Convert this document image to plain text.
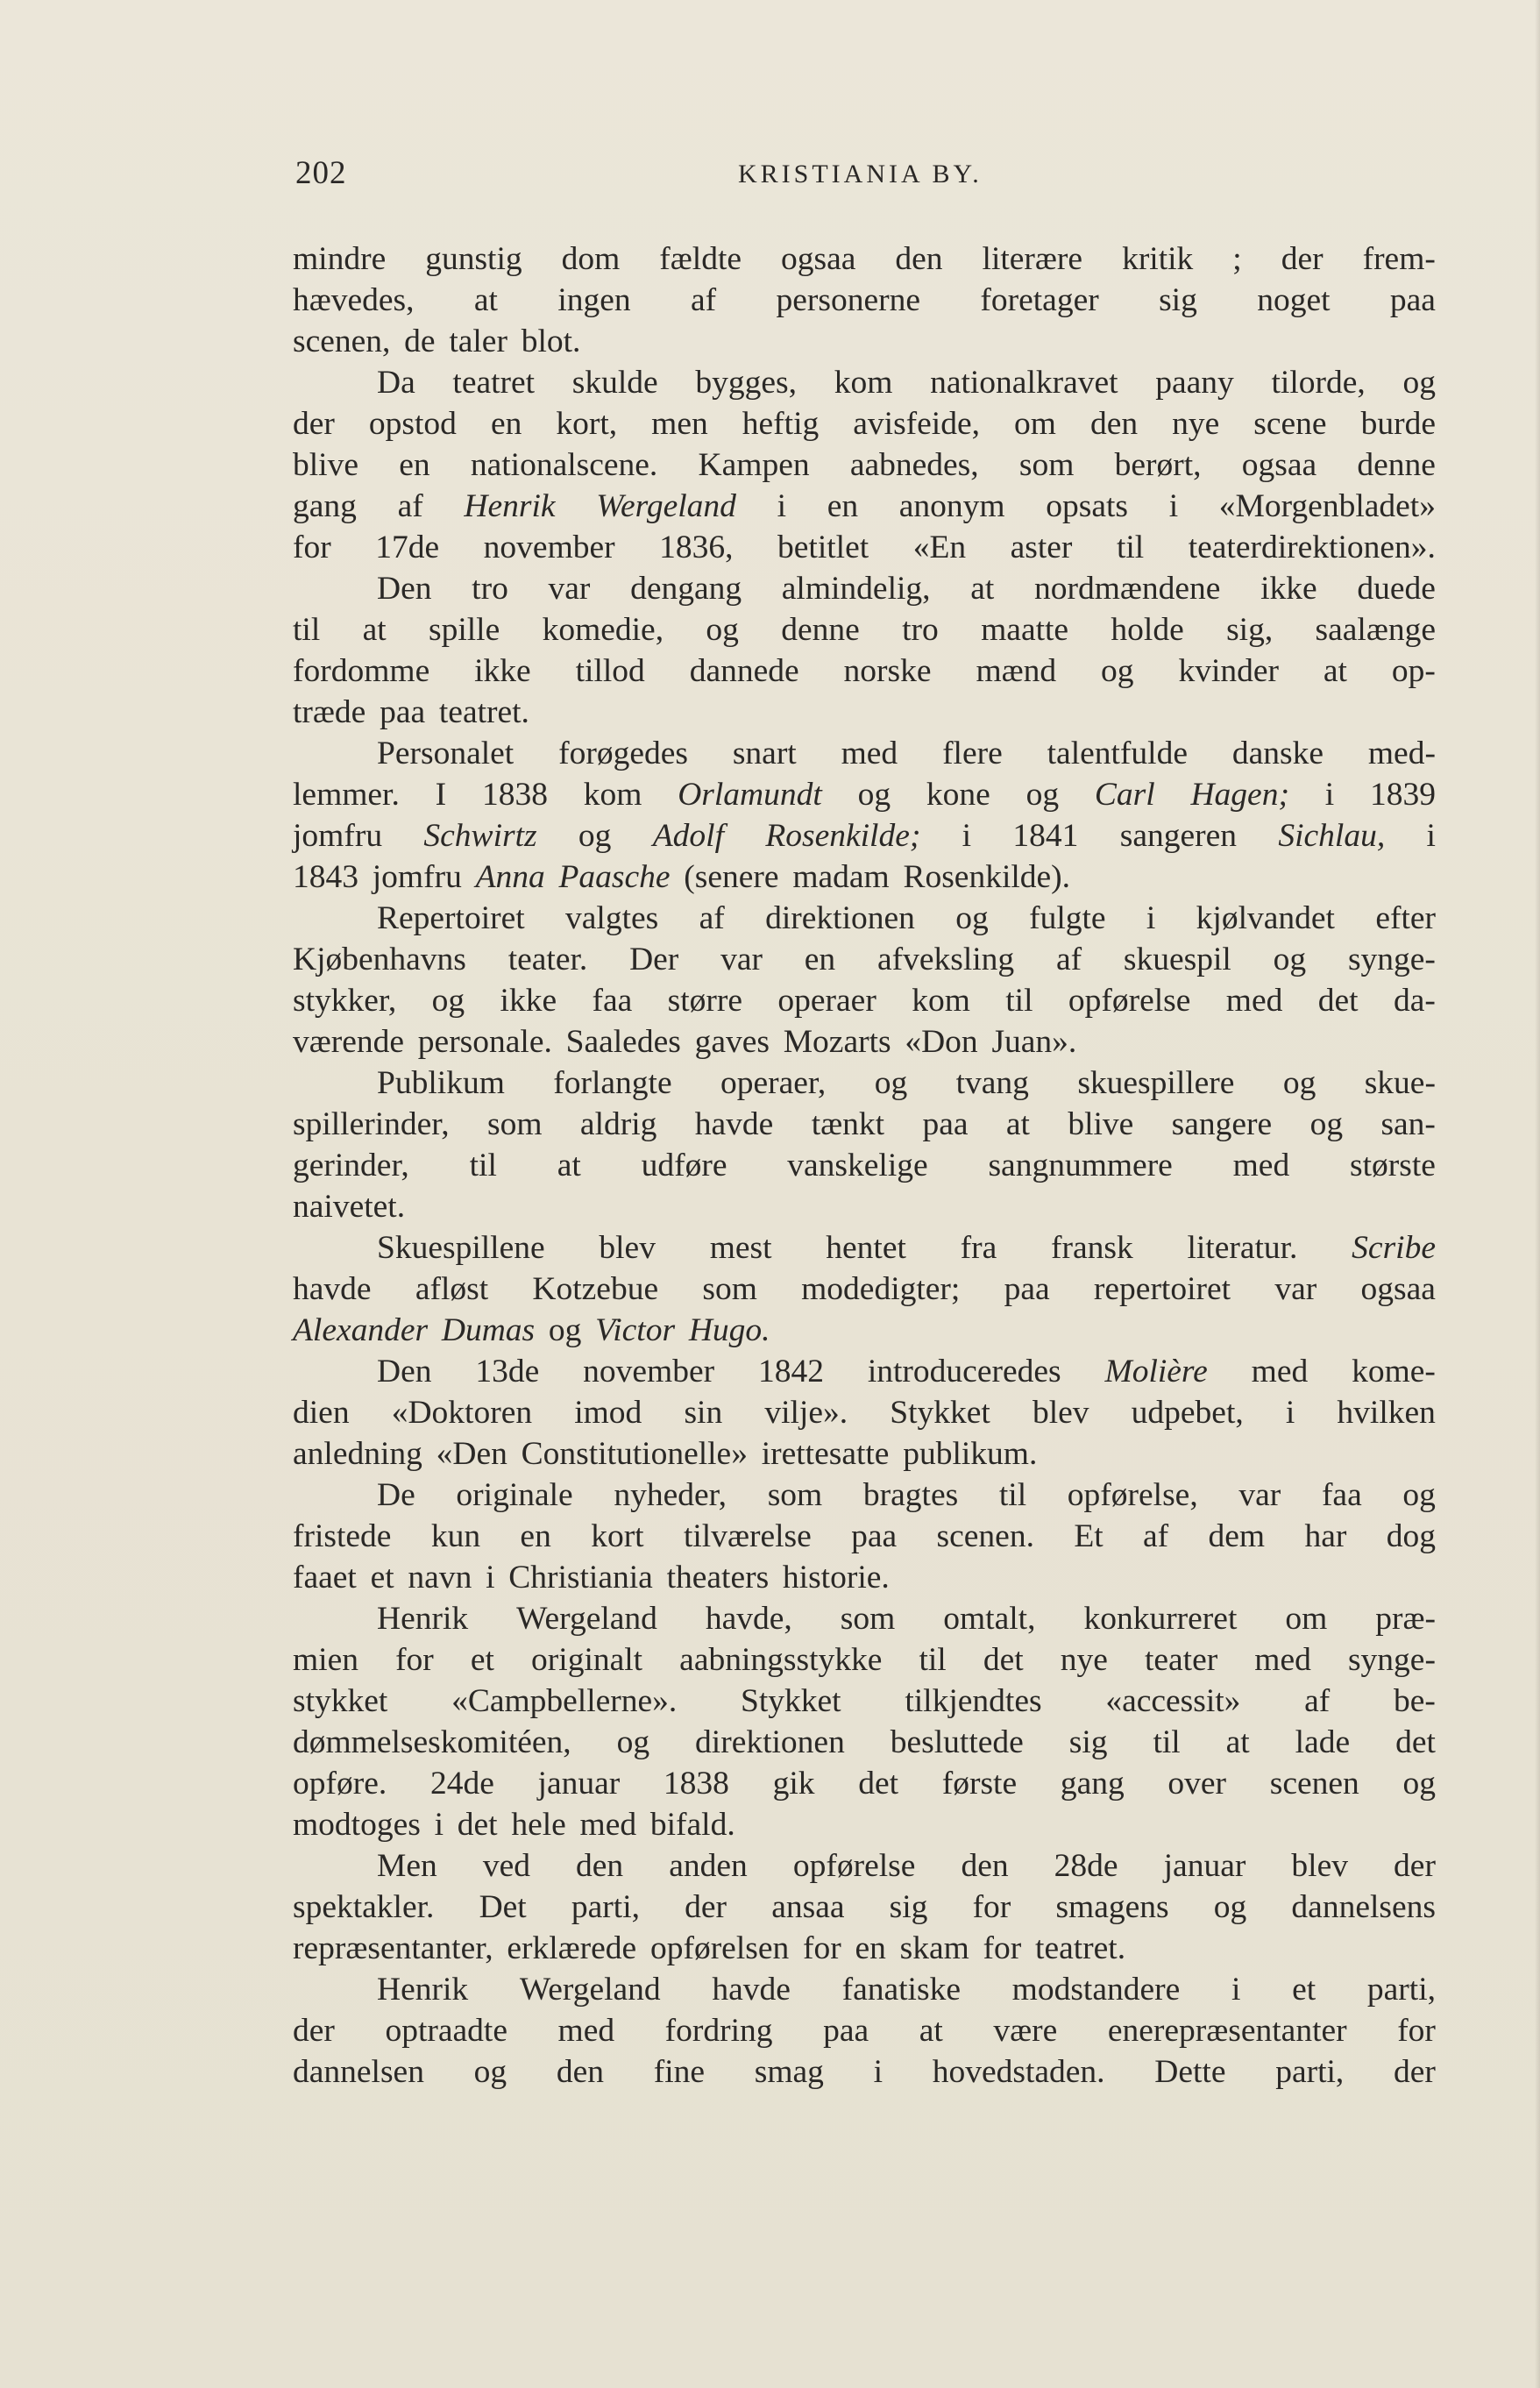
202	KRISTIANIA BY.
mindre gunstig dom fældte ogsaa den literære kritik ; der frem-
hævedes, at ingen af personerne foretager sig noget paa
scenen, de taler blot.
Da teatret skulde bygges, kom nationalkravet paany tilorde, og
der opstod en kort, men heftig avisfeide, om den nye scene burde
blive en nationalscene. Kampen aabnedes, som berørt, ogsaa denne
gang af Henrik Wergeland i en anonym opsats i «Morgenbladet»
for 17de november 1836, betitlet «En aster til teaterdirektionen».
Den tro var dengang almindelig, at nordmændene ikke duede
til at spille komedie, og denne tro maatte holde sig, saalænge
fordomme ikke tillod dannede norske mænd og kvinder at op-
træde paa teatret.
Personalet forøgedes snart med flere talentfulde danske med-
lemmer. I 1838 kom Orlamundt og kone og Carl Hagen; i 1839
jomfru Schwirtz og Adolf Rosenkilde; i 1841 sangeren Sichlau, i
1843 jomfru Anna Paasche (senere madam Rosenkilde).
Repertoiret valgtes af direktionen og fulgte i kjølvandet efter
Kjøbenhavns teater. Der var en afveksling af skuespil og synge-
stykker, og ikke faa større operaer kom til opførelse med det da-
værende personale. Saaledes gaves Mozarts «Don Juan».
Publikum forlangte operaer, og tvang skuespillere og skue-
spillerinder, som aldrig havde tænkt paa at blive sangere og san-
gerinder, til at udføre vanskelige sangnummere med største
naivetet.
Skuespillene blev mest hentet fra fransk literatur. Scribe
havde afløst Kotzebue som modedigter; paa repertoiret var ogsaa
Alexander Dumas og Victor Hugo.
Den 13de november 1842 introduceredes Molière med kome-
dien «Doktoren imod sin vilje». Stykket blev udpebet, i hvilken
anledning «Den Constitutionelle» irettesatte publikum.
De originale nyheder, som bragtes til opførelse, var faa og
fristede kun en kort tilværelse paa scenen. Et af dem har dog
faaet et navn i Christiania theaters historie.
Henrik Wergeland havde, som omtalt, konkurreret om præ-
mien for et originalt aabningsstykke til det nye teater med synge-
stykket «Campbellerne». Stykket tilkjendtes «accessit» af be-
dømmelseskomitéen, og direktionen besluttede sig til at lade det
opføre. 24de januar 1838 gik det første gang over scenen og
modtoges i det hele med bifald.
Men ved den anden opførelse den 28de januar blev der
spektakler. Det parti, der ansaa sig for smagens og dannelsens
repræsentanter, erklærede opførelsen for en skam for teatret.
Henrik Wergeland havde fanatiske modstandere i et parti,
der optraadte med fordring paa at være enerepræsentanter for
dannelsen og den fine smag i hovedstaden. Dette parti, der
